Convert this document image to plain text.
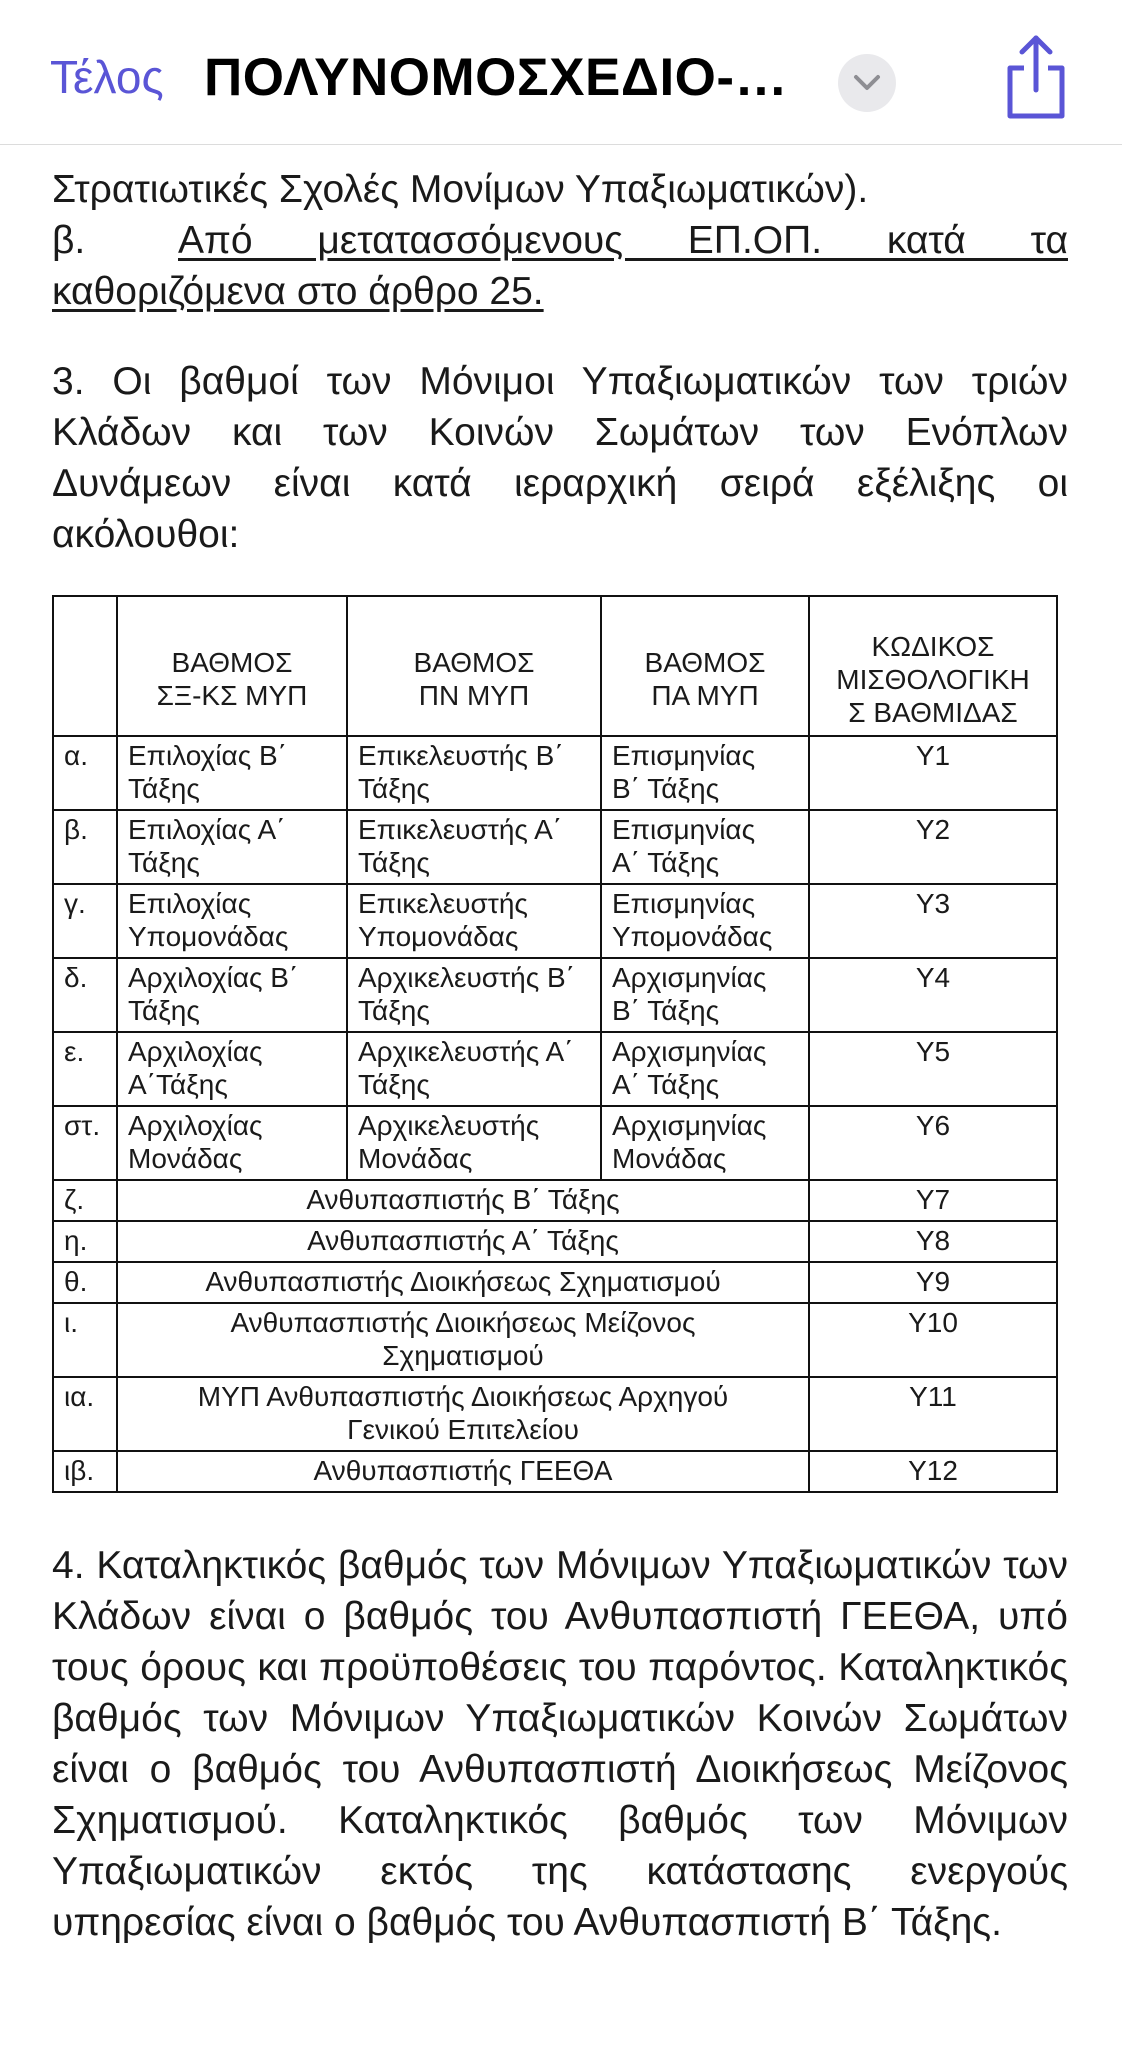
Τέλος ΠΟΛΥΝΟΜΟΣΧΕΔΙΟ-…
Στρατιωτικές Σχολές Μονίμων Υπαξιωματικών).
β.	Από μετατασσόμενους ΕΠ.ΟΠ. κατά τα
καθοριζόμενα στο άρθρο 25.
3. Οι βαθμοί των Μόνιμοι Υπαξιωματικών των τριών Κλάδων και των Κοινών Σωμάτων των Ενόπλων Δυνάμεων είναι κατά ιεραρχική σειρά εξέλιξης οι ακόλουθοι:
	ΒΑΘΜΟΣ
ΣΞ-ΚΣ ΜΥΠ	ΒΑΘΜΟΣ
ΠΝ ΜΥΠ	ΒΑΘΜΟΣ
ΠΑ ΜΥΠ	ΚΩΔΙΚΟΣ
ΜΙΣΘΟΛΟΓΙΚΗ
Σ ΒΑΘΜΙΔΑΣ
α.	Επιλοχίας Β΄
Τάξης	Επικελευστής Β΄
Τάξης	Επισμηνίας
Β΄ Τάξης	Υ1
β.	Επιλοχίας Α΄
Τάξης	Επικελευστής Α΄
Τάξης	Επισμηνίας
Α΄ Τάξης	Υ2
γ.	Επιλοχίας
Υπομονάδας	Επικελευστής
Υπομονάδας	Επισμηνίας
Υπομονάδας	Υ3
δ.	Αρχιλοχίας Β΄
Τάξης	Αρχικελευστής Β΄
Τάξης	Αρχισμηνίας
Β΄ Τάξης	Υ4
ε.	Αρχιλοχίας
Α΄Τάξης	Αρχικελευστής Α΄
Τάξης	Αρχισμηνίας
Α΄ Τάξης	Υ5
στ.	Αρχιλοχίας
Μονάδας	Αρχικελευστής
Μονάδας	Αρχισμηνίας
Μονάδας	Υ6
ζ.	Ανθυπασπιστής Β΄ Τάξης			Υ7
η.	Ανθυπασπιστής Α΄ Τάξης			Υ8
θ.	Ανθυπασπιστής Διοικήσεως Σχηματισμού			Υ9
ι.	Ανθυπασπιστής Διοικήσεως Μείζονος
Σχηματισμού			Υ10
ια.	ΜΥΠ Ανθυπασπιστής Διοικήσεως Αρχηγού
Γενικού Επιτελείου			Υ11
ιβ.	Ανθυπασπιστής ΓΕΕΘΑ			Υ12
4. Καταληκτικός βαθμός των Μόνιμων Υπαξιωματικών των Κλάδων είναι ο βαθμός του Ανθυπασπιστή ΓΕΕΘΑ, υπό τους όρους και προϋποθέσεις του παρόντος. Καταληκτικός βαθμός των Μόνιμων Υπαξιωματικών Κοινών Σωμάτων είναι ο βαθμός του Ανθυπασπιστή Διοικήσεως Μείζονος Σχηματισμού. Καταληκτικός βαθμός των Μόνιμων Υπαξιωματικών εκτός της κατάστασης ενεργούς υπηρεσίας είναι ο βαθμός του Ανθυπασπιστή Β΄ Τάξης.
